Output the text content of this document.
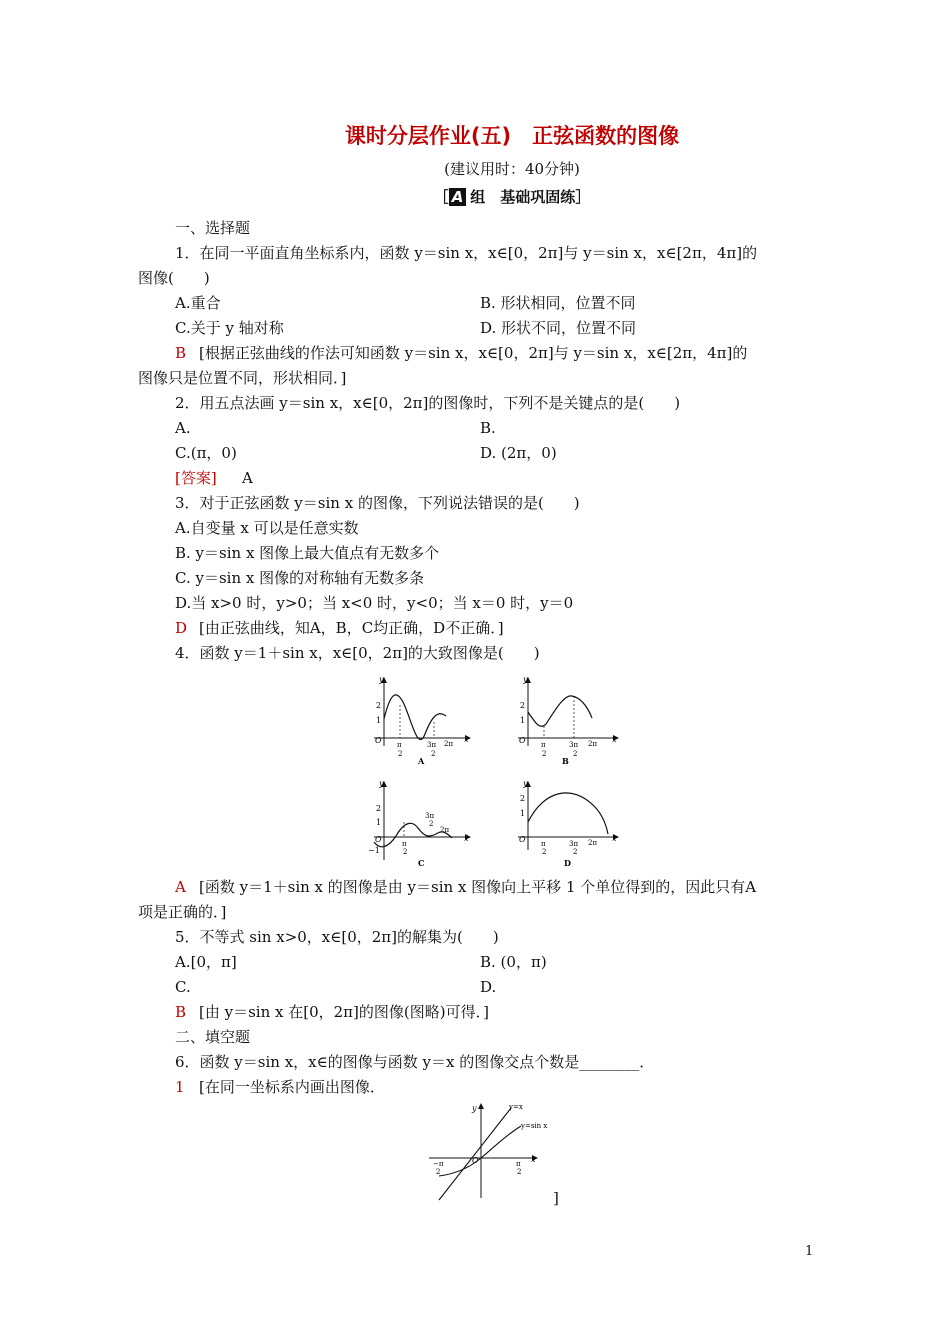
课时分层作业(五)　正弦函数的图像
(建议用时：40分钟)
［ A 组　基础巩固练］
一、选择题
1．在同一平面直角坐标系内，函数 y＝sin x，x∈[0，2π]与 y＝sin x，x∈[2π，4π]的
图像(　　)
A.重合	B. 形状相同，位置不同
C.关于 y 轴对称	D. 形状不同，位置不同
B [根据正弦曲线的作法可知函数 y＝sin x，x∈[0，2π]与 y＝sin x，x∈[2π，4π]的
图像只是位置不同，形状相同．]
2．用五点法画 y＝sin x，x∈[0，2π]的图像时，下列不是关键点的是(　　)
A.	B.
C.(π，0)	D. (2π，0)
[答案] A
3．对于正弦函数 y＝sin x 的图像，下列说法错误的是(　　)
A.自变量 x 可以是任意实数
B. y＝sin x 图像上最大值点有无数多个
C. y＝sin x 图像的对称轴有无数多条
D.当 x>0 时，y>0；当 x<0 时，y<0；当 x＝0 时，y＝0
D [由正弦曲线，知A，B，C均正确，D不正确．]
4．函数 y＝1＋sin x，x∈[0，2π]的大致图像是(　　)
y
x
O
2
1
π
2
3π
2
2π
A
y
x
O
2
1
π
2
3π
2
2π
B
y
x
O
2
1
−1
π
2
3π
2
2π
C
y
x
O
2
1
π
2
3π
2
2π
D
A [函数 y＝1＋sin x 的图像是由 y＝sin x 图像向上平移 1 个单位得到的，因此只有A
项是正确的．]
5．不等式 sin x>0，x∈[0，2π]的解集为(　　)
A.[0，π]	B. (0，π)
C.	D.
B [由 y＝sin x 在[0，2π]的图像(图略)可得．]
二、填空题
6．函数 y＝sin x，x∈的图像与函数 y＝x 的图像交点个数是________．
1 [在同一坐标系内画出图像．
y
x
O
y=x
y=sin x
−π
2
π
2
]
1
